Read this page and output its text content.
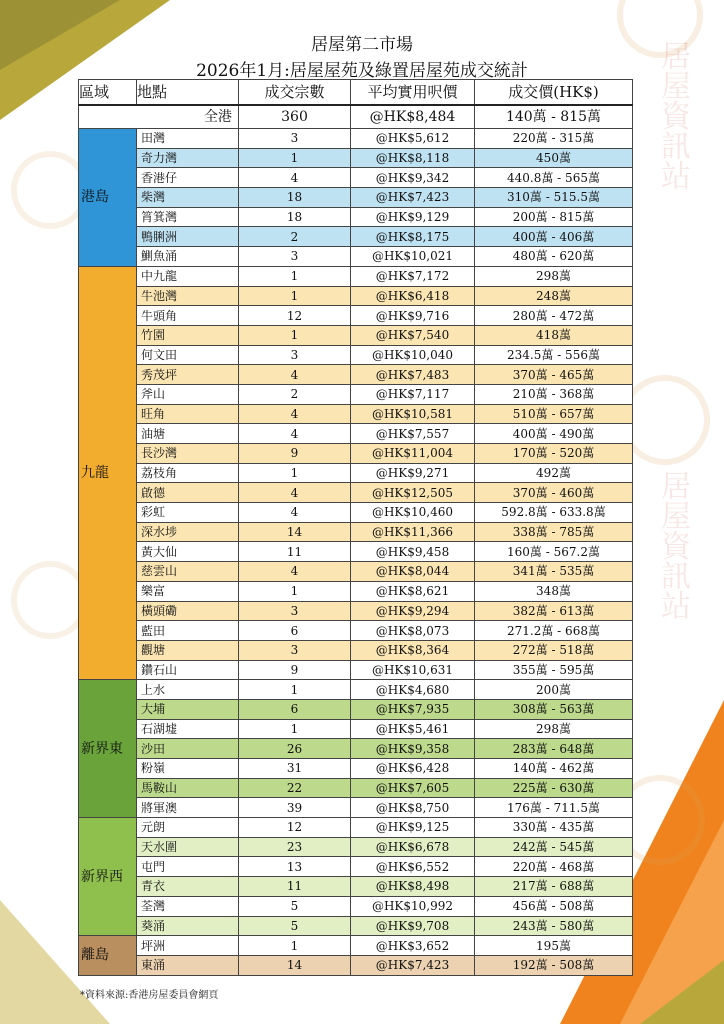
居屋資訊站
居屋資訊站
居屋第二市場
2026年1月:居屋屋苑及綠置居屋苑成交統計
區域	地點	成交宗數	平均實用呎價	成交價(HK$)
全港		360	@HK$8,484	140萬 - 815萬
港島	田灣	3	@HK$5,612	220萬 - 315萬
	奇力灣	1	@HK$8,118	450萬
	香港仔	4	@HK$9,342	440.8萬 - 565萬
	柴灣	18	@HK$7,423	310萬 - 515.5萬
	筲箕灣	18	@HK$9,129	200萬 - 815萬
	鴨脷洲	2	@HK$8,175	400萬 - 406萬
	鰂魚涌	3	@HK$10,021	480萬 - 620萬
九龍	中九龍	1	@HK$7,172	298萬
	牛池灣	1	@HK$6,418	248萬
	牛頭角	12	@HK$9,716	280萬 - 472萬
	竹園	1	@HK$7,540	418萬
	何文田	3	@HK$10,040	234.5萬 - 556萬
	秀茂坪	4	@HK$7,483	370萬 - 465萬
	斧山	2	@HK$7,117	210萬 - 368萬
	旺角	4	@HK$10,581	510萬 - 657萬
	油塘	4	@HK$7,557	400萬 - 490萬
	長沙灣	9	@HK$11,004	170萬 - 520萬
	荔枝角	1	@HK$9,271	492萬
	啟德	4	@HK$12,505	370萬 - 460萬
	彩虹	4	@HK$10,460	592.8萬 - 633.8萬
	深水埗	14	@HK$11,366	338萬 - 785萬
	黃大仙	11	@HK$9,458	160萬 - 567.2萬
	慈雲山	4	@HK$8,044	341萬 - 535萬
	樂富	1	@HK$8,621	348萬
	橫頭磡	3	@HK$9,294	382萬 - 613萬
	藍田	6	@HK$8,073	271.2萬 - 668萬
	觀塘	3	@HK$8,364	272萬 - 518萬
	鑽石山	9	@HK$10,631	355萬 - 595萬
新界東	上水	1	@HK$4,680	200萬
	大埔	6	@HK$7,935	308萬 - 563萬
	石湖墟	1	@HK$5,461	298萬
	沙田	26	@HK$9,358	283萬 - 648萬
	粉嶺	31	@HK$6,428	140萬 - 462萬
	馬鞍山	22	@HK$7,605	225萬 - 630萬
	將軍澳	39	@HK$8,750	176萬 - 711.5萬
新界西	元朗	12	@HK$9,125	330萬 - 435萬
	天水圍	23	@HK$6,678	242萬 - 545萬
	屯門	13	@HK$6,552	220萬 - 468萬
	青衣	11	@HK$8,498	217萬 - 688萬
	荃灣	5	@HK$10,992	456萬 - 508萬
	葵涌	5	@HK$9,708	243萬 - 580萬
離島	坪洲	1	@HK$3,652	195萬
	東涌	14	@HK$7,423	192萬 - 508萬
*資料來源:香港房屋委員會網頁
